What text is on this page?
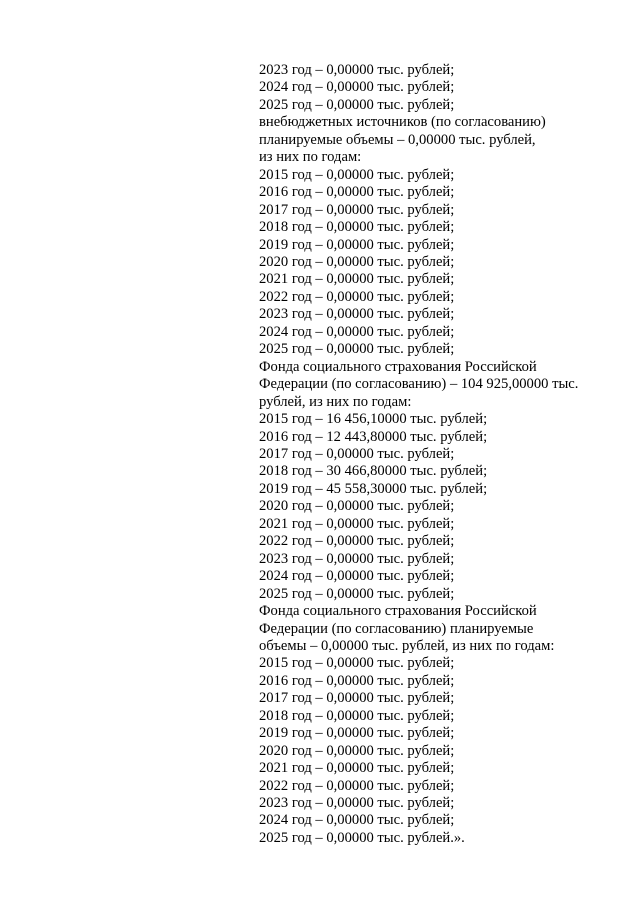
2023 год – 0,00000 тыс. рублей;
2024 год – 0,00000 тыс. рублей;
2025 год – 0,00000 тыс. рублей;
внебюджетных источников (по согласованию)
планируемые объемы – 0,00000 тыс. рублей,
из них по годам:
2015 год – 0,00000 тыс. рублей;
2016 год – 0,00000 тыс. рублей;
2017 год – 0,00000 тыс. рублей;
2018 год – 0,00000 тыс. рублей;
2019 год – 0,00000 тыс. рублей;
2020 год – 0,00000 тыс. рублей;
2021 год – 0,00000 тыс. рублей;
2022 год – 0,00000 тыс. рублей;
2023 год – 0,00000 тыс. рублей;
2024 год – 0,00000 тыс. рублей;
2025 год – 0,00000 тыс. рублей;
Фонда социального страхования Российской
Федерации (по согласованию) – 104 925,00000 тыс.
рублей, из них по годам:
2015 год – 16 456,10000 тыс. рублей;
2016 год – 12 443,80000 тыс. рублей;
2017 год – 0,00000 тыс. рублей;
2018 год – 30 466,80000 тыс. рублей;
2019 год – 45 558,30000 тыс. рублей;
2020 год – 0,00000 тыс. рублей;
2021 год – 0,00000 тыс. рублей;
2022 год – 0,00000 тыс. рублей;
2023 год – 0,00000 тыс. рублей;
2024 год – 0,00000 тыс. рублей;
2025 год – 0,00000 тыс. рублей;
Фонда социального страхования Российской
Федерации (по согласованию) планируемые
объемы – 0,00000 тыс. рублей, из них по годам:
2015 год – 0,00000 тыс. рублей;
2016 год – 0,00000 тыс. рублей;
2017 год – 0,00000 тыс. рублей;
2018 год – 0,00000 тыс. рублей;
2019 год – 0,00000 тыс. рублей;
2020 год – 0,00000 тыс. рублей;
2021 год – 0,00000 тыс. рублей;
2022 год – 0,00000 тыс. рублей;
2023 год – 0,00000 тыс. рублей;
2024 год – 0,00000 тыс. рублей;
2025 год – 0,00000 тыс. рублей.».
